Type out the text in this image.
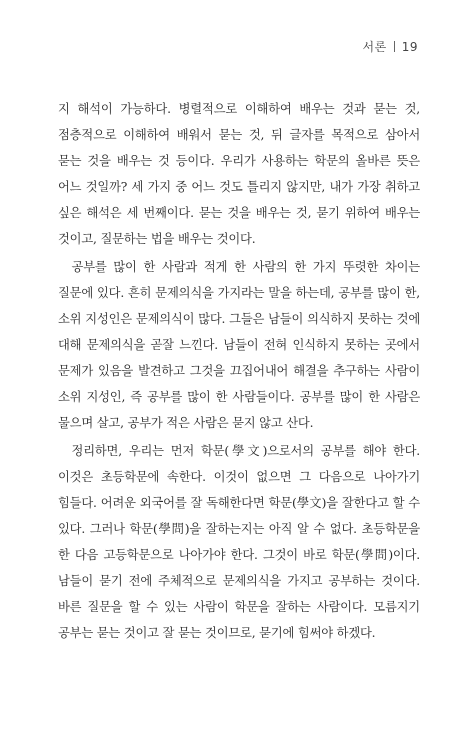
서론 19

지 해석이 가능하다. 병렬적으로 이해하여 배우는 것과 묻는 것, 점층적으로 이해하여 배워서 묻는 것, 뒤 글자를 목적으로 삼아서 묻는 것을 배우는 것 등이다. 우리가 사용하는 학문의 올바른 뜻은 어느 것일까? 세 가지 중 어느 것도 틀리지 않지만, 내가 가장 취하고 싶은 해석은 세 번째이다. 묻는 것을 배우는 것, 묻기 위하여 배우는 것이고, 질문하는 법을 배우는 것이다.

공부를 많이 한 사람과 적게 한 사람의 한 가지 뚜렷한 차이는 질문에 있다. 흔히 문제의식을 가지라는 말을 하는데, 공부를 많이 한, 소위 지성인은 문제의식이 많다. 그들은 남들이 의식하지 못하는 것에 대해 문제의식을 곧잘 느낀다. 남들이 전혀 인식하지 못하는 곳에서 문제가 있음을 발견하고 그것을 끄집어내어 해결을 추구하는 사람이 소위 지성인, 즉 공부를 많이 한 사람들이다. 공부를 많이 한 사람은 물으며 살고, 공부가 적은 사람은 묻지 않고 산다.

정리하면, 우리는 먼저 학문(學文)으로서의 공부를 해야 한다. 이것은 초등학문에 속한다. 이것이 없으면 그 다음으로 나아가기 힘들다. 어려운 외국어를 잘 독해한다면 학문(學文)을 잘한다고 할 수 있다. 그러나 학문(學問)을 잘하는지는 아직 알 수 없다. 초등학문을 한 다음 고등학문으로 나아가야 한다. 그것이 바로 학문(學問)이다. 남들이 묻기 전에 주체적으로 문제의식을 가지고 공부하는 것이다. 바른 질문을 할 수 있는 사람이 학문을 잘하는 사람이다. 모름지기 공부는 묻는 것이고 잘 묻는 것이므로, 묻기에 힘써야 하겠다.
